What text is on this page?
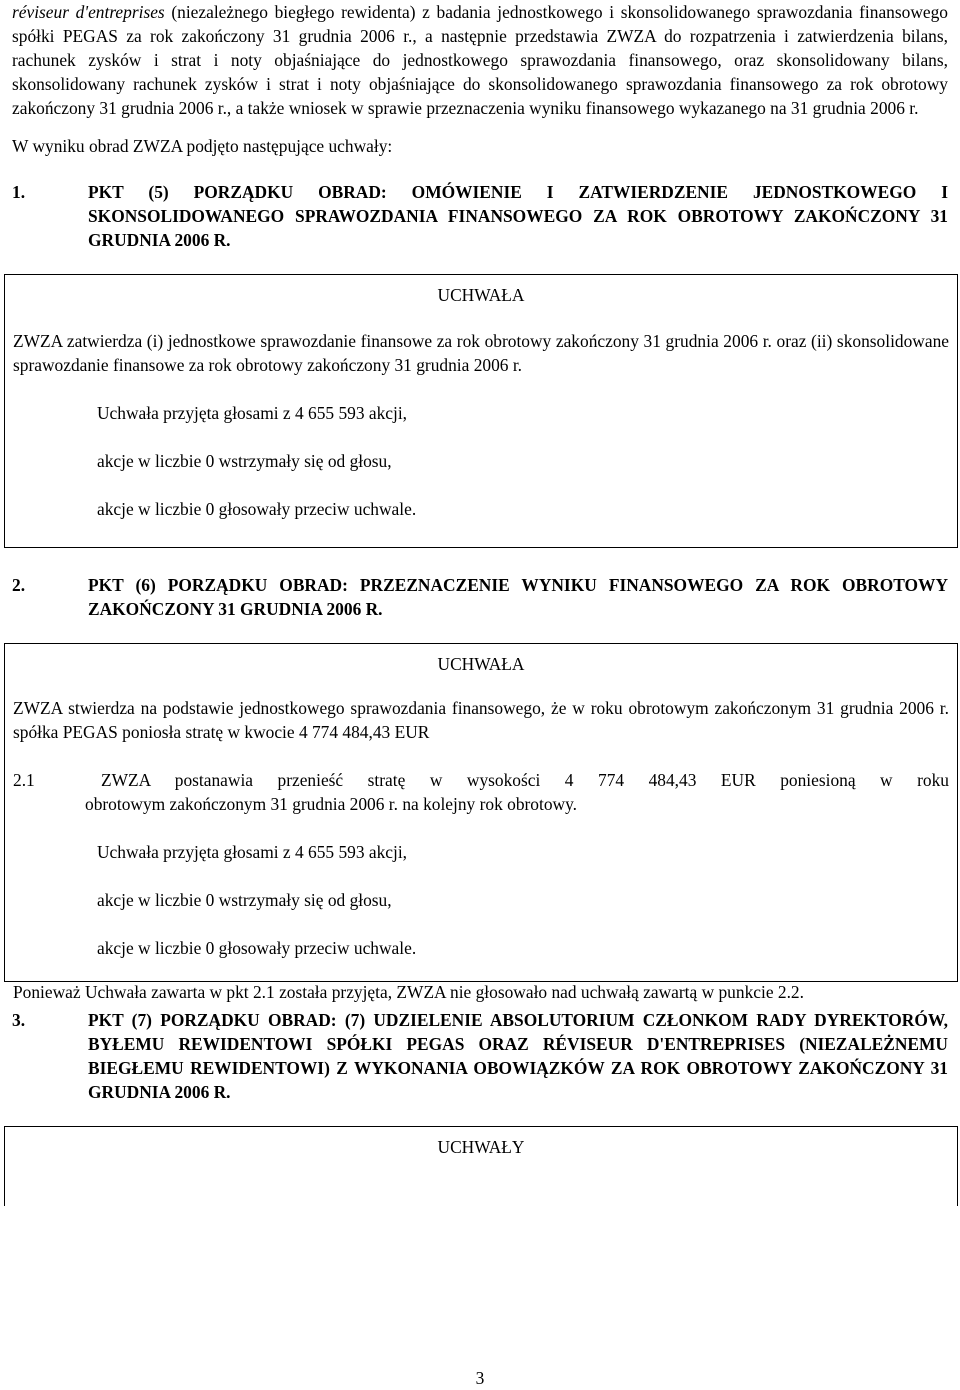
réviseur d'entreprises (niezależnego biegłego rewidenta) z badania jednostkowego i skonsolidowanego sprawozdania finansowego spółki PEGAS za rok zakończony 31 grudnia 2006 r., a następnie przedstawia ZWZA do rozpatrzenia i zatwierdzenia bilans, rachunek zysków i strat i noty objaśniające do jednostkowego sprawozdania finansowego, oraz skonsolidowany bilans, skonsolidowany rachunek zysków i strat i noty objaśniające do skonsolidowanego sprawozdania finansowego za rok obrotowy zakończony 31 grudnia 2006 r., a także wniosek w sprawie przeznaczenia wyniku finansowego wykazanego na 31 grudnia 2006 r.

W wyniku obrad ZWZA podjęto następujące uchwały:

1.	PKT (5) PORZĄDKU OBRAD: OMÓWIENIE I ZATWIERDZENIE JEDNOSTKOWEGO I SKONSOLIDOWANEGO SPRAWOZDANIA FINANSOWEGO ZA ROK OBROTOWY ZAKOŃCZONY 31 GRUDNIA 2006 R.

UCHWAŁA

ZWZA zatwierdza (i) jednostkowe sprawozdanie finansowe za rok obrotowy zakończony 31 grudnia 2006 r. oraz (ii) skonsolidowane sprawozdanie finansowe za rok obrotowy zakończony 31 grudnia 2006 r.

Uchwała przyjęta głosami z 4 655 593 akcji,

akcje w liczbie 0 wstrzymały się od głosu,

akcje w liczbie 0 głosowały przeciw uchwale.

2.	PKT (6) PORZĄDKU OBRAD: PRZEZNACZENIE WYNIKU FINANSOWEGO ZA ROK OBROTOWY ZAKOŃCZONY 31 GRUDNIA 2006 R.

UCHWAŁA

ZWZA stwierdza na podstawie jednostkowego sprawozdania finansowego, że w roku obrotowym zakończonym 31 grudnia 2006 r. spółka PEGAS poniosła stratę w kwocie 4 774 484,43 EUR

2.1	ZWZA postanawia przenieść stratę w wysokości 4 774 484,43 EUR poniesioną w roku

obrotowym zakończonym 31 grudnia 2006 r. na kolejny rok obrotowy.

Uchwała przyjęta głosami z 4 655 593 akcji,

akcje w liczbie 0 wstrzymały się od głosu,

akcje w liczbie 0 głosowały przeciw uchwale.

Ponieważ Uchwała zawarta w pkt 2.1 została przyjęta, ZWZA nie głosowało nad uchwałą zawartą w punkcie 2.2.

3.	PKT (7) PORZĄDKU OBRAD: (7) UDZIELENIE ABSOLUTORIUM CZŁONKOM RADY DYREKTORÓW, BYŁEMU REWIDENTOWI SPÓŁKI PEGAS ORAZ RÉVISEUR D'ENTREPRISES (NIEZALEŻNEMU BIEGŁEMU REWIDENTOWI) Z WYKONANIA OBOWIĄZKÓW ZA ROK OBROTOWY ZAKOŃCZONY 31 GRUDNIA 2006 R.

UCHWAŁY

3
